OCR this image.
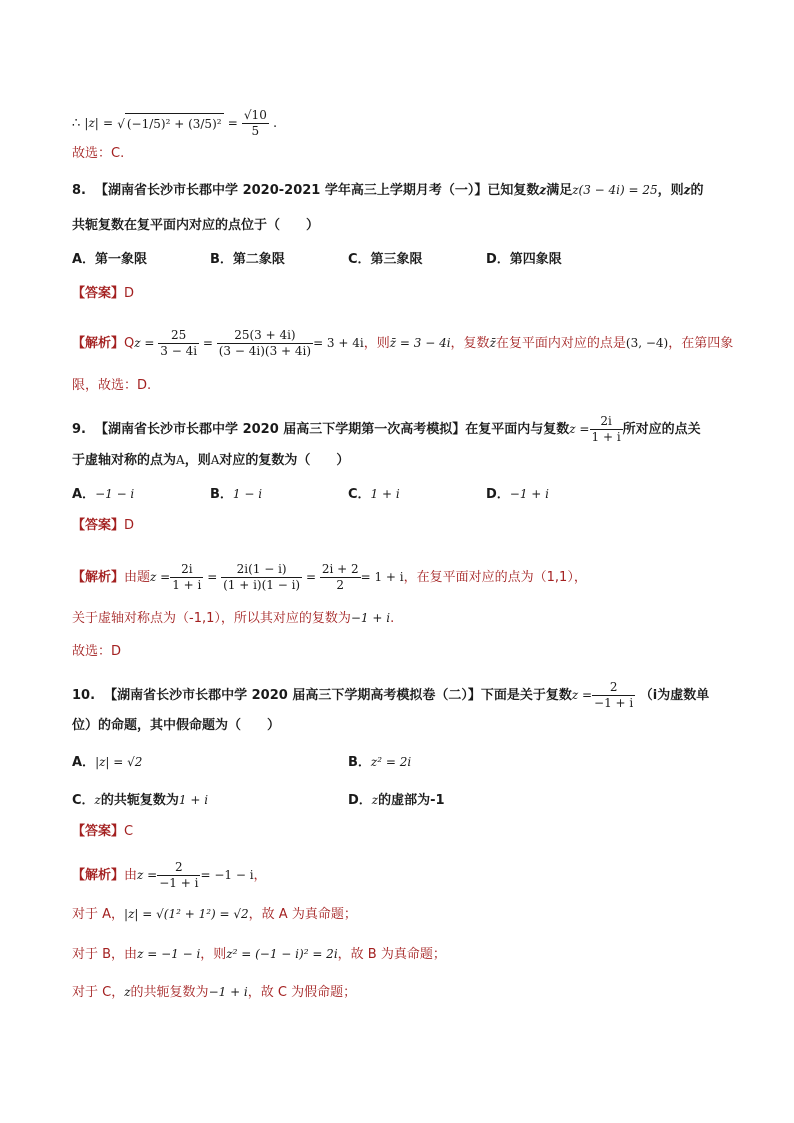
∴ |z| = √ $(-1/5)^2 + (3/5)^2 = \frac{√10}{5}$ .
故选：C.
8. 【湖南省长沙市长郡中学 2020-2021 学年高三上学期月考（一）】已知复数z满足z(3 − 4i) = 25，则z的
共轭复数在复平面内对应的点位于（　　）
A．第一象限	B．第二象限	C．第三象限	D．第四象限
【答案】D
【解析】$Qz = \frac{25}{3 - 4i} = \frac{25(3 + 4i)}{(3 - 4i)(3 + 4i)} = 3 + 4i$，则z̄ = 3 − 4i，复数z̄在复平面内对应的点是(3, −4)，在第四象
限，故选：D.
9. 【湖南省长沙市长郡中学 2020 届高三下学期第一次高考模拟】在复平面内与复数$z = \frac{2i}{1 + i}$ 所对应的点关
于虚轴对称的点为A，则A对应的复数为（　　）
A．−1 − i	B．1 − i	C．1 + i	D．−1 + i
【答案】D
【解析】由题$z = \frac{2i}{1 + i} = \frac{2i(1 - i)}{(1 + i)(1 - i)} = \frac{2i + 2}{2} = 1 + i$，在复平面对应的点为（1,1），
关于虚轴对称点为（-1,1），所以其对应的复数为−1 + i.
故选：D
10. 【湖南省长沙市长郡中学 2020 届高三下学期高考模拟卷（二）】下面是关于复数$z = \frac{2}{-1 + i} (i$为虚数单
位）的命题，其中假命题为（　　）
A．|z| = √2	B．z² = 2i
C．z的共轭复数为1 + i	D．z的虚部为-1
【答案】C
【解析】由$z = \frac{2}{-1 + i} = -1 - i$，
对于 A，|z| = √(1² + 1²) = √2，故 A 为真命题；
对于 B，由z = −1 − i，则z² = (−1 − i)² = 2i，故 B 为真命题；
对于 C，z的共轭复数为−1 + i，故 C 为假命题；
